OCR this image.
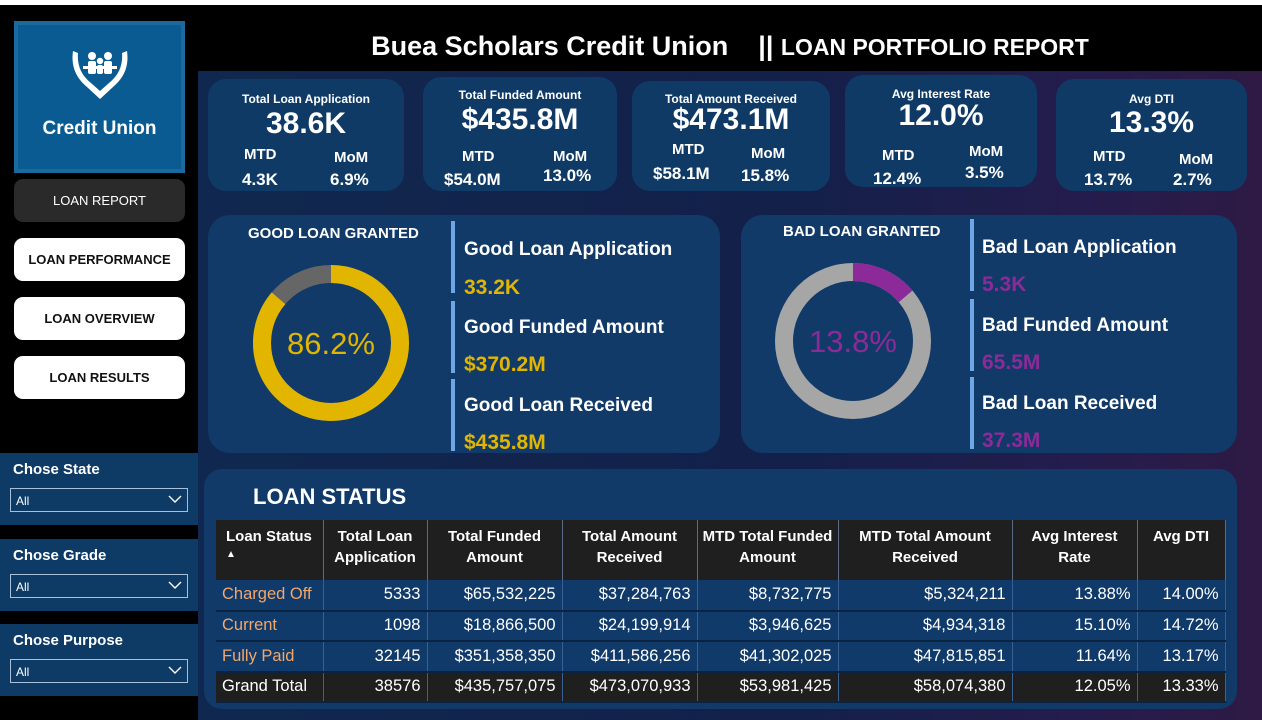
Credit Union
LOAN REPORT
LOAN PERFORMANCE
LOAN OVERVIEW
LOAN RESULTS
Chose State
All
Chose Grade
All
Chose Purpose
All
Buea Scholars Credit Union || LOAN PORTFOLIO REPORT
Total Loan Application
38.6K
MTD	MoM
4.3K	6.9%
Total Funded Amount
$435.8M
MTD	MoM
$54.0M 13.0%
Total Amount Received
$473.1M
MTD	MoM
$58.1M 15.8%
Avg Interest Rate
12.0%
MTD	MoM
12.4%	3.5%
Avg DTI
13.3%
MTD	MoM
13.7% 2.7%
GOOD LOAN GRANTED
86.2%
Good Loan Application
33.2K
Good Funded Amount
$370.2M
Good Loan Received
$435.8M
BAD LOAN GRANTED
13.8%
Bad Loan Application
5.3K
Bad Funded Amount
65.5M
Bad Loan Received
37.3M
LOAN STATUS
Loan Status
▲	Total Loan Application	Total Funded Amount	Total Amount Received	MTD Total Funded Amount	MTD Total Amount Received	Avg Interest Rate	Avg DTI
Charged Off	5333	$65,532,225	$37,284,763	$8,732,775	$5,324,211	13.88%	14.00%
Current	1098	$18,866,500	$24,199,914	$3,946,625	$4,934,318	15.10%	14.72%
Fully Paid	32145	$351,358,350	$411,586,256	$41,302,025	$47,815,851	11.64%	13.17%
Grand Total	38576	$435,757,075	$473,070,933	$53,981,425	$58,074,380	12.05%	13.33%
